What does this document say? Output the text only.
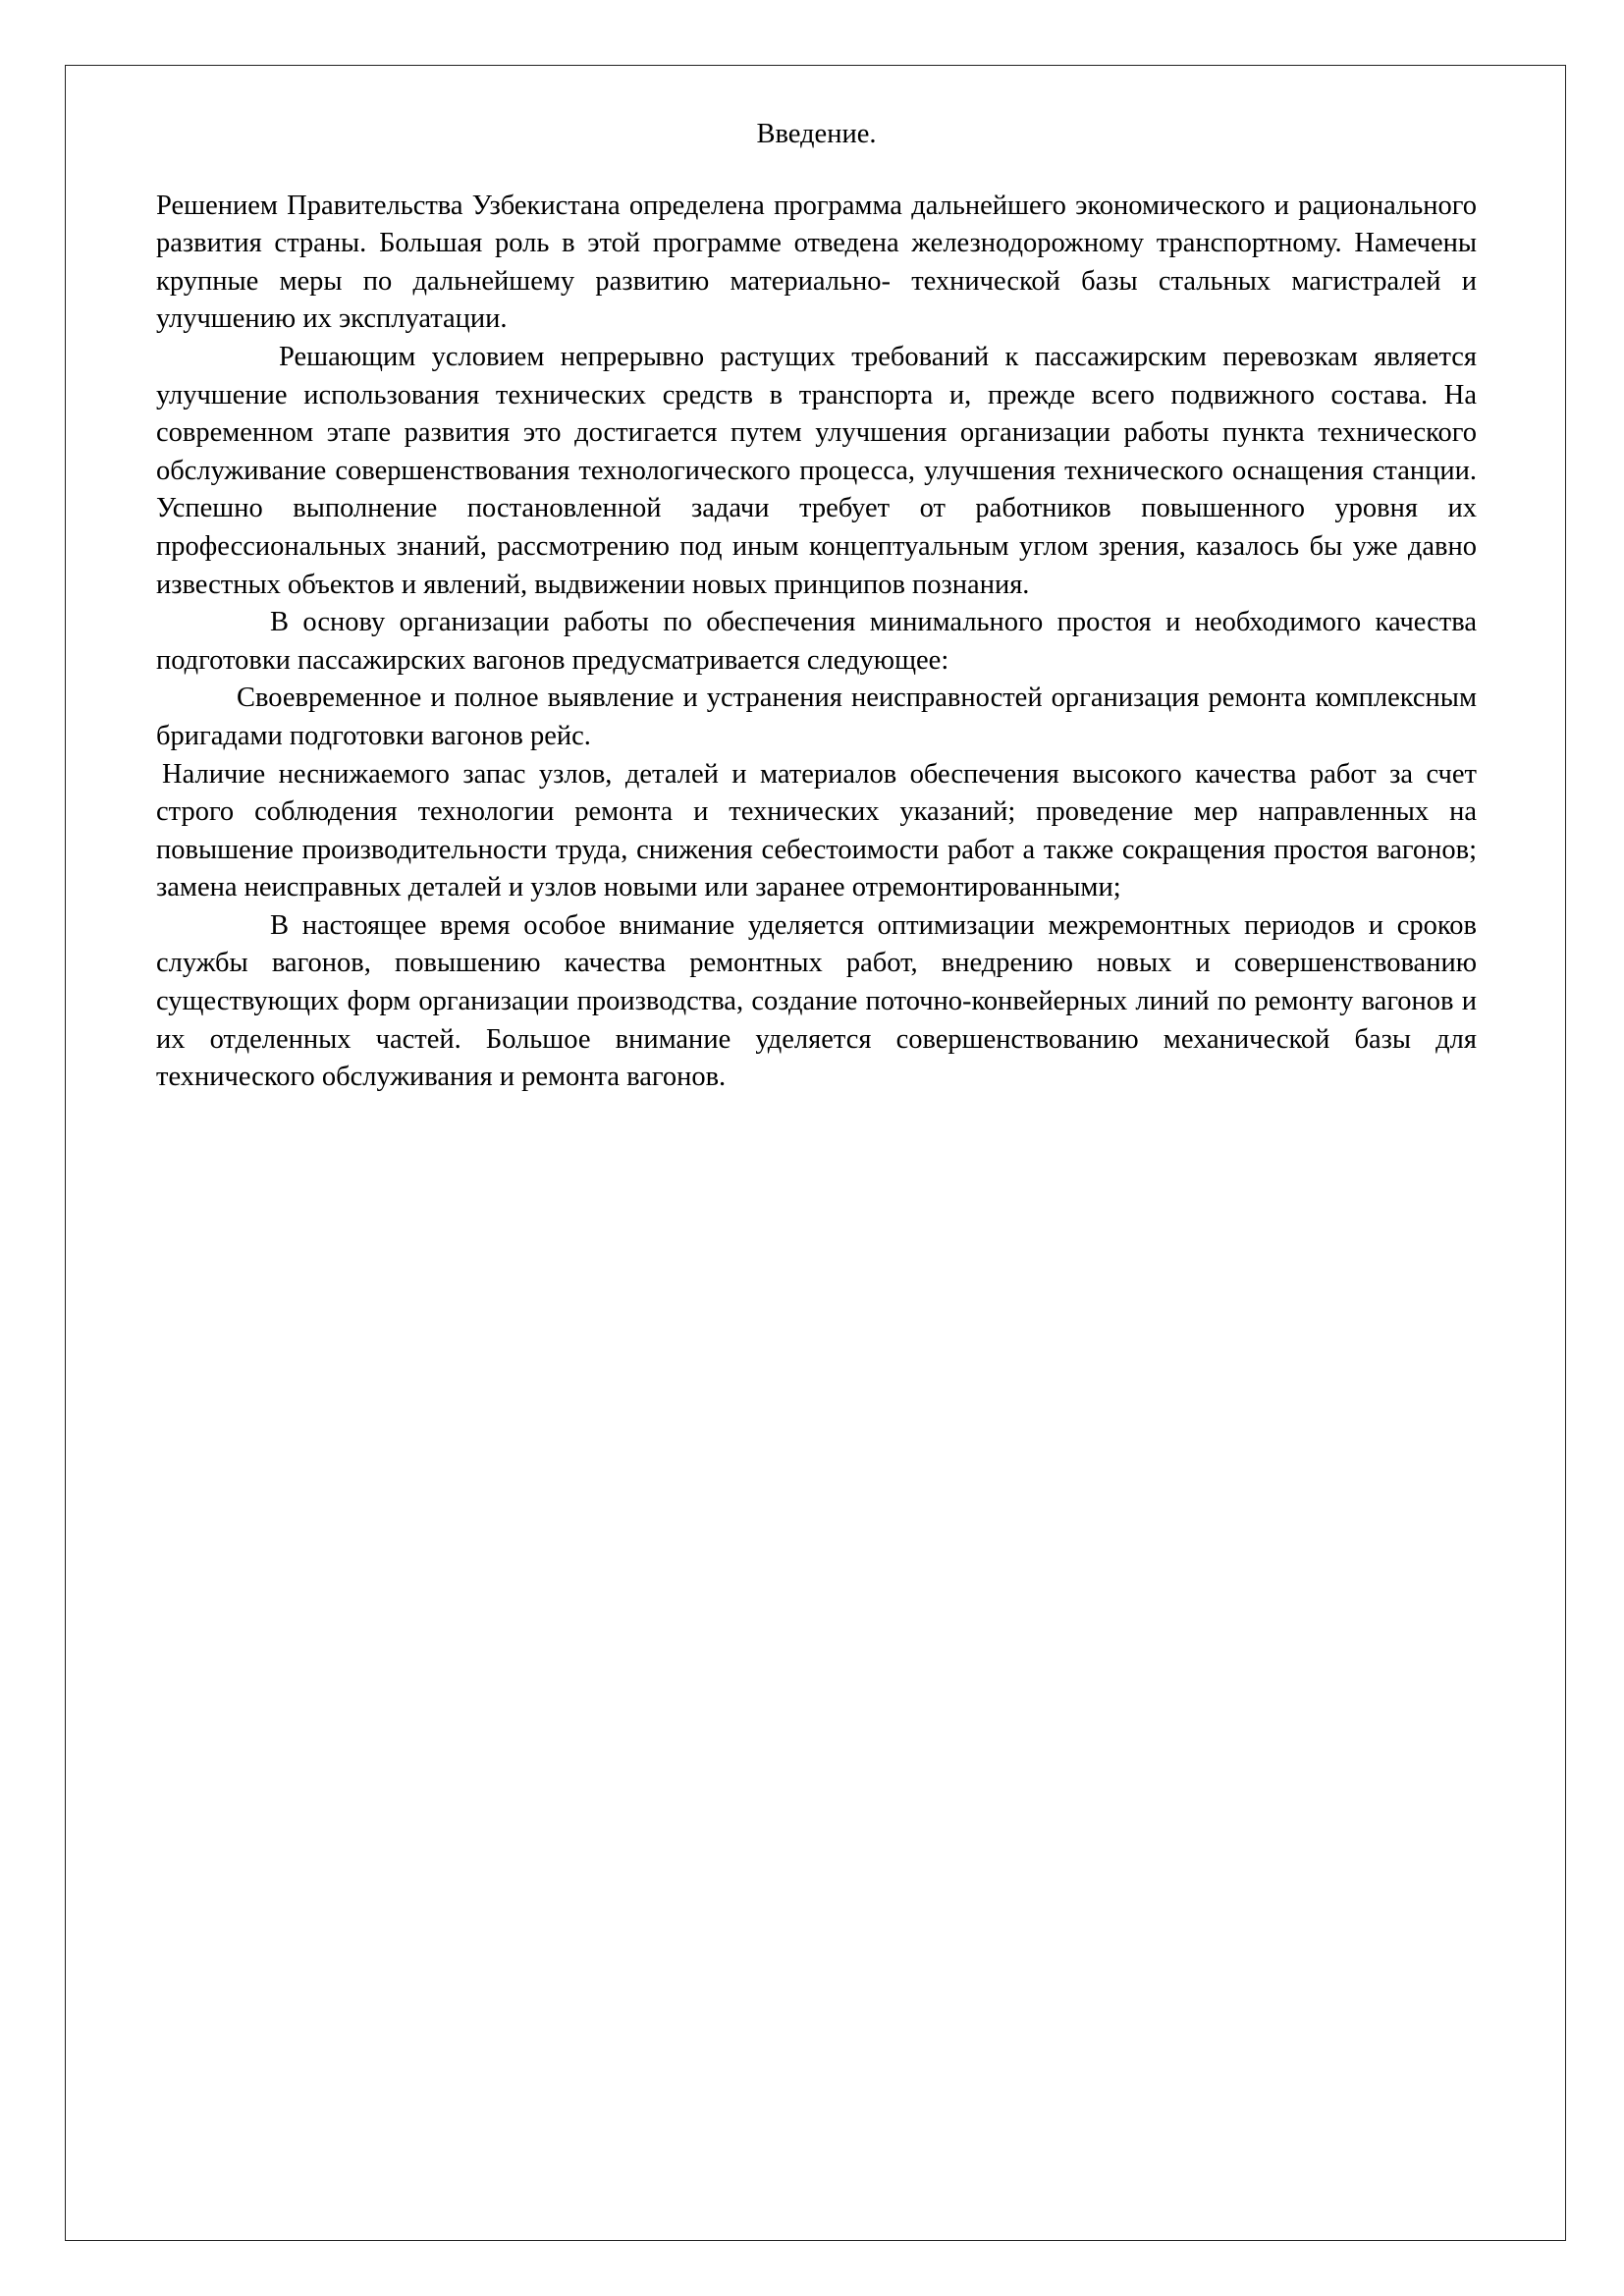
Введение.

Решением Правительства Узбекистана определена программа дальнейшего экономического и рационального развития страны. Большая роль в этой программе отведена железнодорожному транспортному. Намечены крупные меры по дальнейшему развитию материально- технической базы стальных магистралей и улучшению их эксплуатации.

Решающим условием непрерывно растущих требований к пассажирским перевозкам является улучшение использования технических средств в транспорта и, прежде всего подвижного состава. На современном этапе развития это достигается путем улучшения организации работы пункта технического обслуживание совершенствования технологического процесса, улучшения технического оснащения станции. Успешно выполнение постановленной задачи требует от работников повышенного уровня их профессиональных знаний, рассмотрению под иным концептуальным углом зрения, казалось бы уже давно известных объектов и явлений, выдвижении новых принципов познания.

В основу организации работы по обеспечения минимального простоя и необходимого качества подготовки пассажирских вагонов предусматривается следующее:

Своевременное и полное выявление и устранения неисправностей организация ремонта комплексным бригадами подготовки вагонов рейс.

Наличие неснижаемого запас узлов, деталей и материалов обеспечения высокого качества работ за счет строго соблюдения технологии ремонта и технических указаний; проведение мер направленных на повышение производительности труда, снижения себестоимости работ а также сокращения простоя вагонов; замена неисправных деталей и узлов новыми или заранее отремонтированными;

В настоящее время особое внимание уделяется оптимизации межремонтных периодов и сроков службы вагонов, повышению качества ремонтных работ, внедрению новых и совершенствованию существующих форм организации производства, создание поточно-конвейерных линий по ремонту вагонов и их отделенных частей. Большое внимание уделяется совершенствованию механической базы для технического обслуживания и ремонта вагонов.
